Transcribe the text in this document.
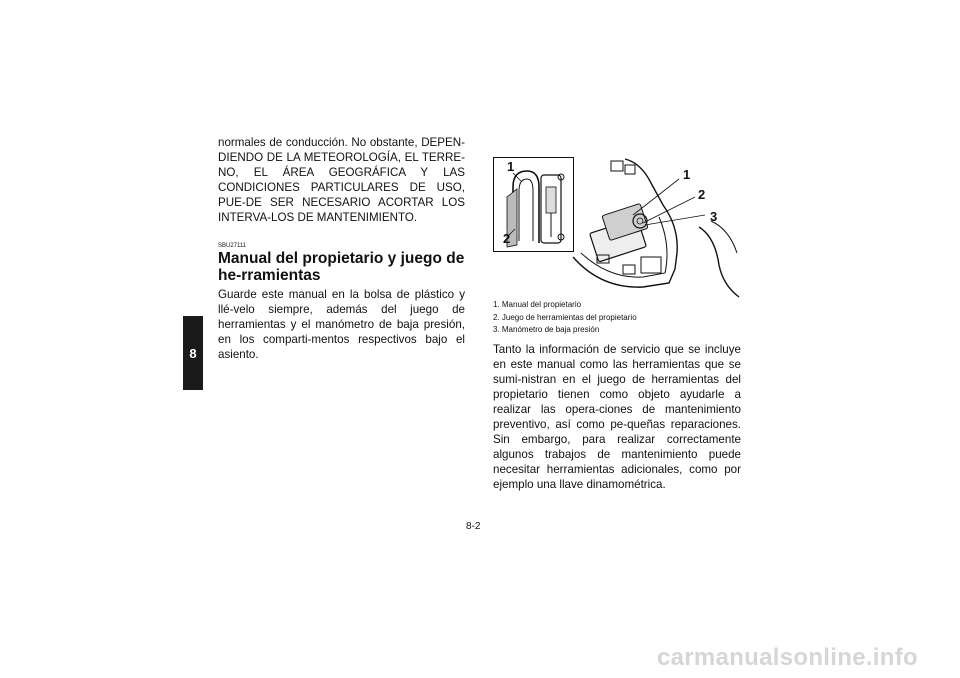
8

normales de conducción. No obstante, DEPEN-DIENDO DE LA METEOROLOGÍA, EL TERRE-NO, EL ÁREA GEOGRÁFICA Y LAS CONDICIONES PARTICULARES DE USO, PUE-DE SER NECESARIO ACORTAR LOS INTERVA-LOS DE MANTENIMIENTO.

SBU27111
Manual del propietario y juego de he-rramientas

Guarde este manual en la bolsa de plástico y llé-velo siempre, además del juego de herramientas y el manómetro de baja presión, en los comparti-mentos respectivos bajo el asiento.

1
2
1
2
3
1. Manual del propietario
2. Juego de herramientas del propietario
3. Manómetro de baja presión

Tanto la información de servicio que se incluye en este manual como las herramientas que se sumi-nistran en el juego de herramientas del propietario tienen como objeto ayudarle a realizar las opera-ciones de mantenimiento preventivo, así como pe-queñas reparaciones. Sin embargo, para realizar correctamente algunos trabajos de mantenimiento puede necesitar herramientas adicionales, como por ejemplo una llave dinamométrica.

8-2
carmanualsonline.info
